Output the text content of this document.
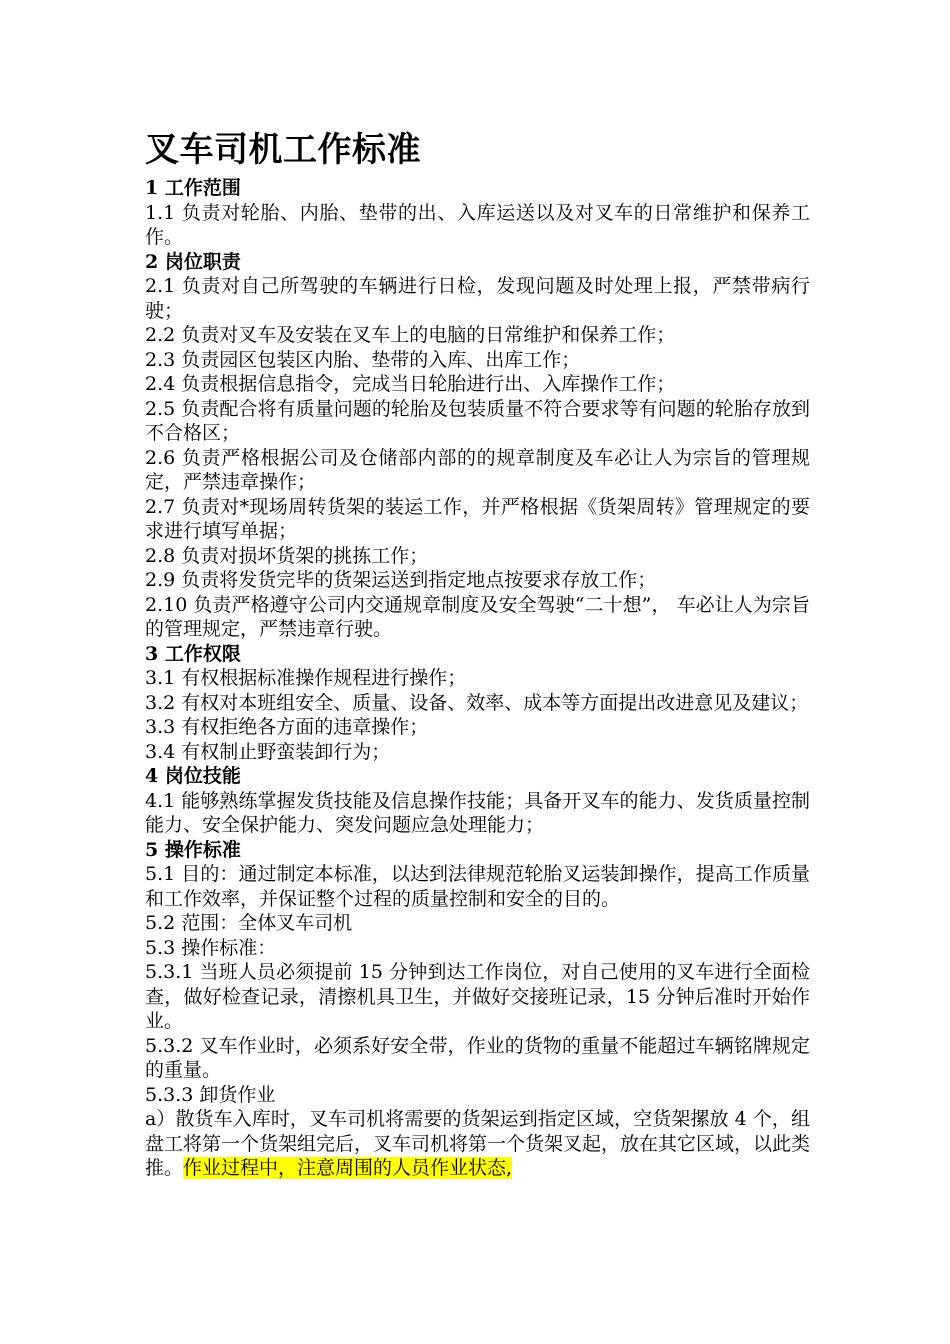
叉车司机工作标准

1 工作范围

1.1 负责对轮胎、内胎、垫带的出、入库运送以及对叉车的日常维护和保养工作。

2 岗位职责

2.1 负责对自己所驾驶的车辆进行日检，发现问题及时处理上报，严禁带病行驶；

2.2 负责对叉车及安装在叉车上的电脑的日常维护和保养工作；

2.3 负责园区包装区内胎、垫带的入库、出库工作；

2.4 负责根据信息指令，完成当日轮胎进行出、入库操作工作；

2.5 负责配合将有质量问题的轮胎及包装质量不符合要求等有问题的轮胎存放到不合格区；

2.6 负责严格根据公司及仓储部内部的的规章制度及车必让人为宗旨的管理规定，严禁违章操作；

2.7 负责对*现场周转货架的装运工作，并严格根据《货架周转》管理规定的要求进行填写单据；

2.8 负责对损坏货架的挑拣工作；

2.9 负责将发货完毕的货架运送到指定地点按要求存放工作；

2.10 负责严格遵守公司内交通规章制度及安全驾驶“二十想”， 车必让人为宗旨的管理规定，严禁违章行驶。

3 工作权限

3.1 有权根据标准操作规程进行操作；

3.2 有权对本班组安全、质量、设备、效率、成本等方面提出改进意见及建议；

3.3 有权拒绝各方面的违章操作；

3.4 有权制止野蛮装卸行为；

4 岗位技能

4.1 能够熟练掌握发货技能及信息操作技能；具备开叉车的能力、发货质量控制能力、安全保护能力、突发问题应急处理能力；

5 操作标准

5.1 目的：通过制定本标准，以达到法律规范轮胎叉运装卸操作，提高工作质量和工作效率，并保证整个过程的质量控制和安全的目的。

5.2 范围：全体叉车司机

5.3 操作标准：

5.3.1 当班人员必须提前 15 分钟到达工作岗位，对自己使用的叉车进行全面检查，做好检查记录，清擦机具卫生，并做好交接班记录，15 分钟后准时开始作业。

5.3.2 叉车作业时，必须系好安全带，作业的货物的重量不能超过车辆铭牌规定的重量。

5.3.3 卸货作业

a）散货车入库时，叉车司机将需要的货架运到指定区域，空货架摞放 4 个，组盘工将第一个货架组完后，叉车司机将第一个货架叉起，放在其它区域，以此类推。作业过程中，注意周围的人员作业状态,
